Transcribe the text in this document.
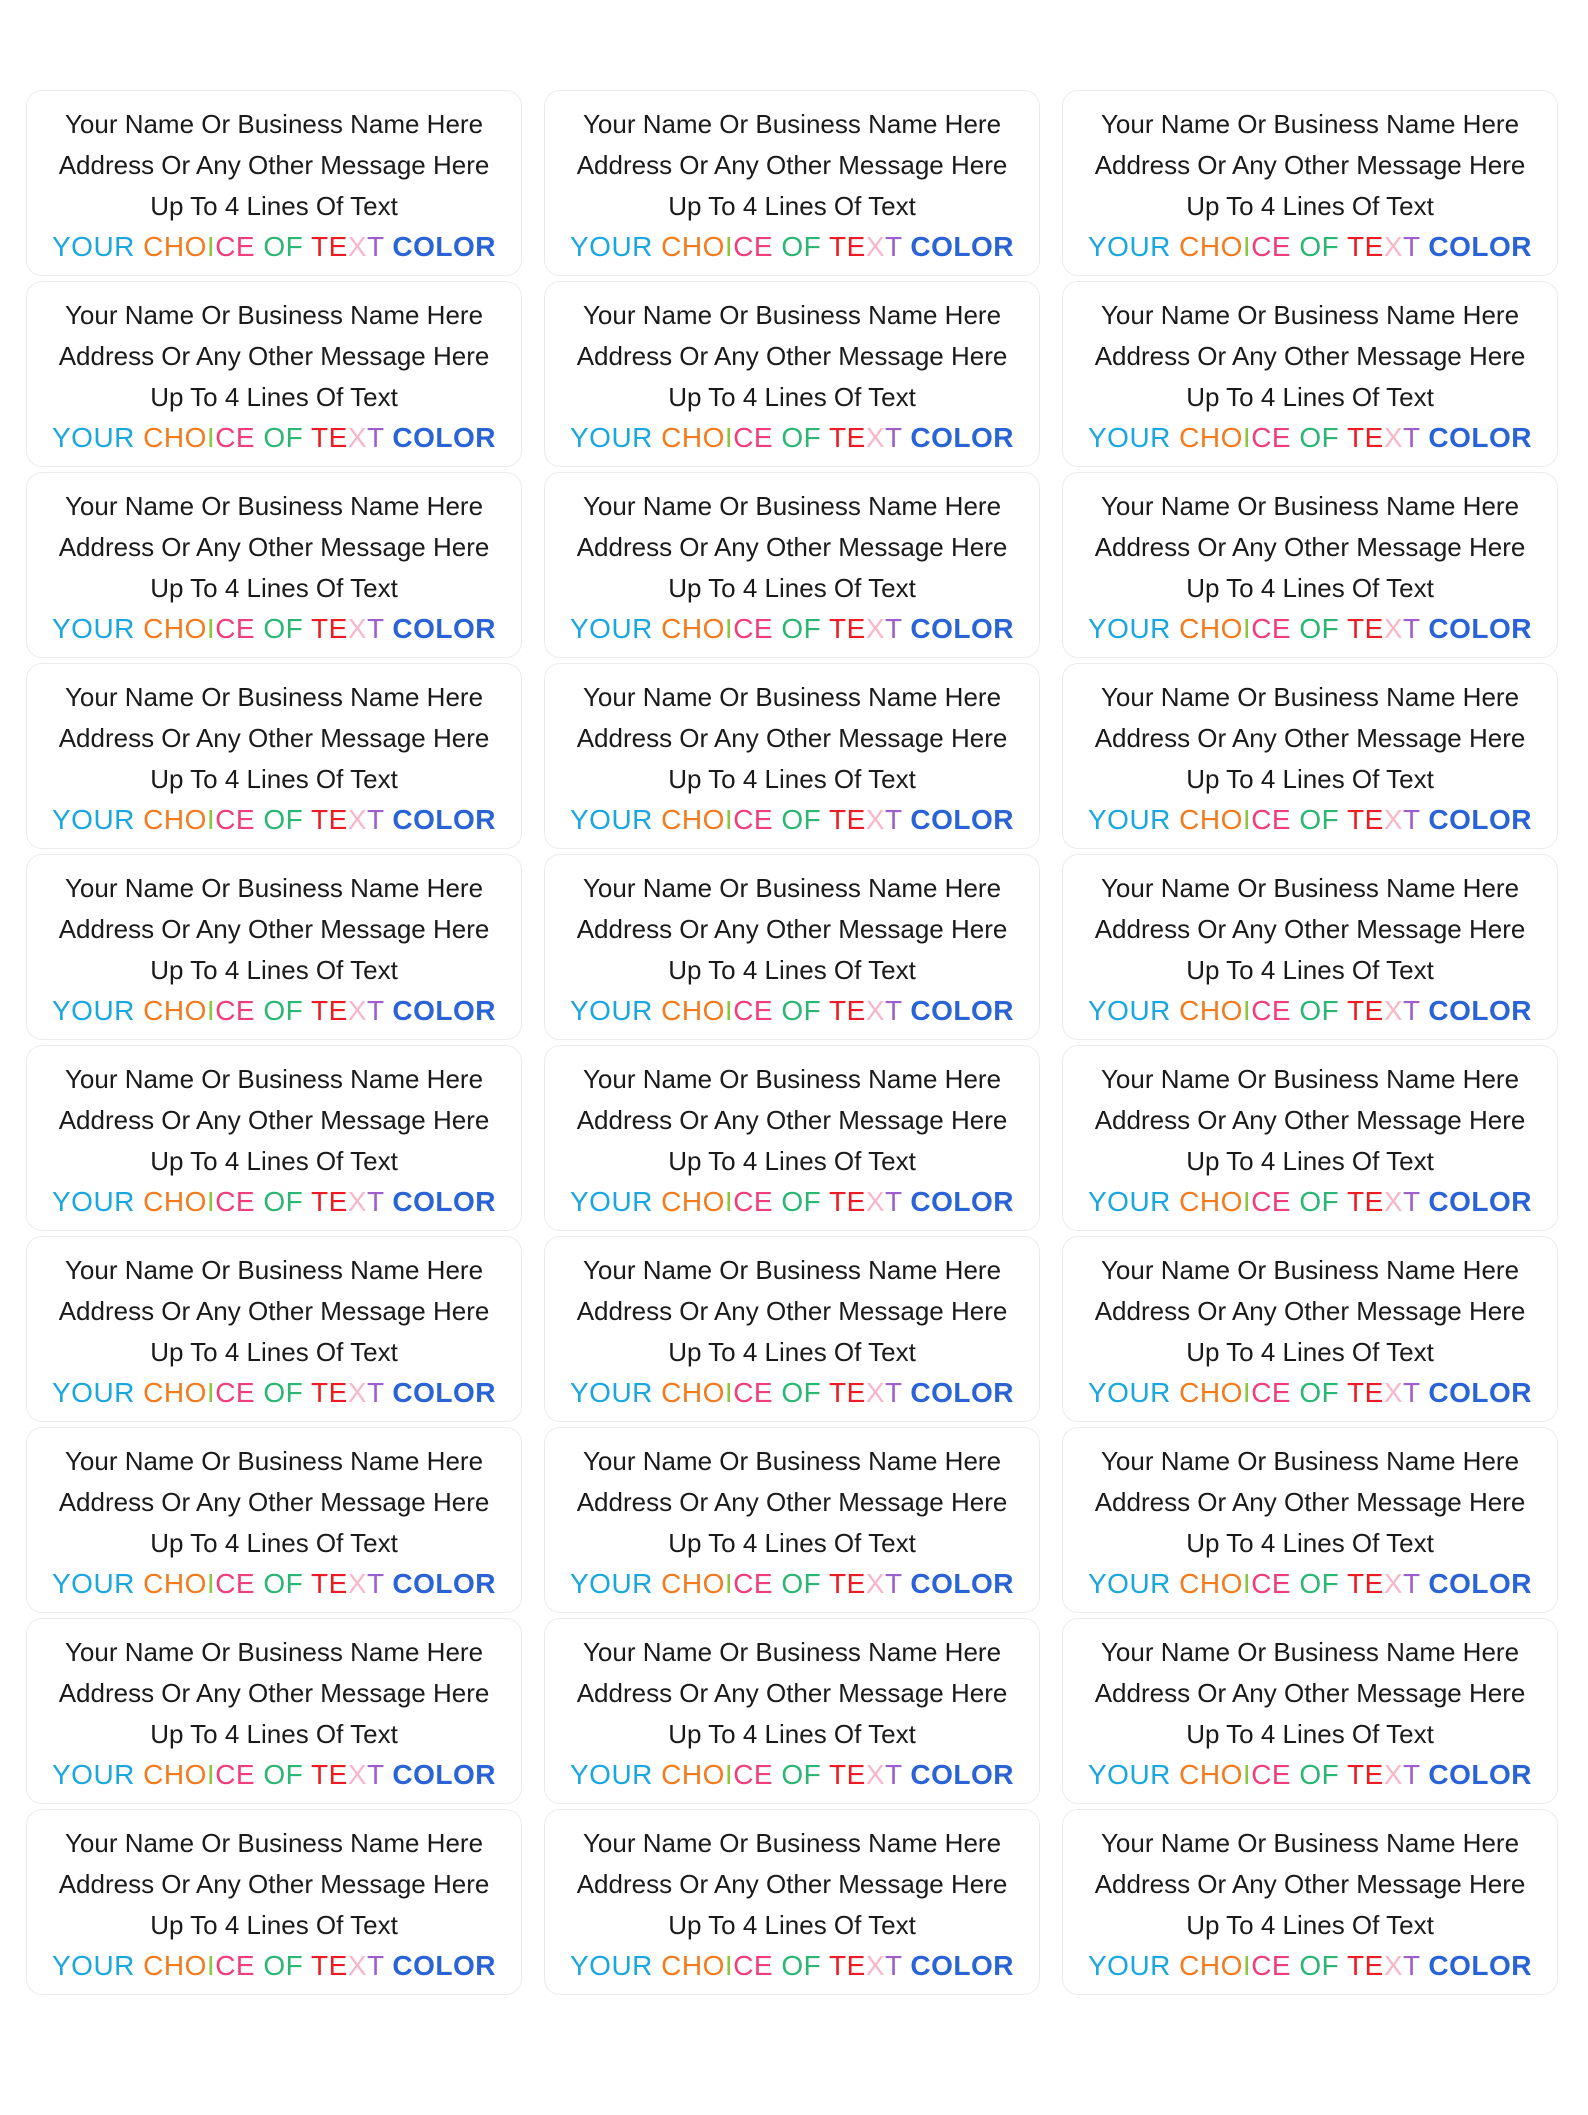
Your Name Or Business Name Here
Address Or Any Other Message Here
Up To 4 Lines Of Text
YOUR CHOICE OF TEXT COLOR
Your Name Or Business Name Here
Address Or Any Other Message Here
Up To 4 Lines Of Text
YOUR CHOICE OF TEXT COLOR
Your Name Or Business Name Here
Address Or Any Other Message Here
Up To 4 Lines Of Text
YOUR CHOICE OF TEXT COLOR
Your Name Or Business Name Here
Address Or Any Other Message Here
Up To 4 Lines Of Text
YOUR CHOICE OF TEXT COLOR
Your Name Or Business Name Here
Address Or Any Other Message Here
Up To 4 Lines Of Text
YOUR CHOICE OF TEXT COLOR
Your Name Or Business Name Here
Address Or Any Other Message Here
Up To 4 Lines Of Text
YOUR CHOICE OF TEXT COLOR
Your Name Or Business Name Here
Address Or Any Other Message Here
Up To 4 Lines Of Text
YOUR CHOICE OF TEXT COLOR
Your Name Or Business Name Here
Address Or Any Other Message Here
Up To 4 Lines Of Text
YOUR CHOICE OF TEXT COLOR
Your Name Or Business Name Here
Address Or Any Other Message Here
Up To 4 Lines Of Text
YOUR CHOICE OF TEXT COLOR
Your Name Or Business Name Here
Address Or Any Other Message Here
Up To 4 Lines Of Text
YOUR CHOICE OF TEXT COLOR
Your Name Or Business Name Here
Address Or Any Other Message Here
Up To 4 Lines Of Text
YOUR CHOICE OF TEXT COLOR
Your Name Or Business Name Here
Address Or Any Other Message Here
Up To 4 Lines Of Text
YOUR CHOICE OF TEXT COLOR
Your Name Or Business Name Here
Address Or Any Other Message Here
Up To 4 Lines Of Text
YOUR CHOICE OF TEXT COLOR
Your Name Or Business Name Here
Address Or Any Other Message Here
Up To 4 Lines Of Text
YOUR CHOICE OF TEXT COLOR
Your Name Or Business Name Here
Address Or Any Other Message Here
Up To 4 Lines Of Text
YOUR CHOICE OF TEXT COLOR
Your Name Or Business Name Here
Address Or Any Other Message Here
Up To 4 Lines Of Text
YOUR CHOICE OF TEXT COLOR
Your Name Or Business Name Here
Address Or Any Other Message Here
Up To 4 Lines Of Text
YOUR CHOICE OF TEXT COLOR
Your Name Or Business Name Here
Address Or Any Other Message Here
Up To 4 Lines Of Text
YOUR CHOICE OF TEXT COLOR
Your Name Or Business Name Here
Address Or Any Other Message Here
Up To 4 Lines Of Text
YOUR CHOICE OF TEXT COLOR
Your Name Or Business Name Here
Address Or Any Other Message Here
Up To 4 Lines Of Text
YOUR CHOICE OF TEXT COLOR
Your Name Or Business Name Here
Address Or Any Other Message Here
Up To 4 Lines Of Text
YOUR CHOICE OF TEXT COLOR
Your Name Or Business Name Here
Address Or Any Other Message Here
Up To 4 Lines Of Text
YOUR CHOICE OF TEXT COLOR
Your Name Or Business Name Here
Address Or Any Other Message Here
Up To 4 Lines Of Text
YOUR CHOICE OF TEXT COLOR
Your Name Or Business Name Here
Address Or Any Other Message Here
Up To 4 Lines Of Text
YOUR CHOICE OF TEXT COLOR
Your Name Or Business Name Here
Address Or Any Other Message Here
Up To 4 Lines Of Text
YOUR CHOICE OF TEXT COLOR
Your Name Or Business Name Here
Address Or Any Other Message Here
Up To 4 Lines Of Text
YOUR CHOICE OF TEXT COLOR
Your Name Or Business Name Here
Address Or Any Other Message Here
Up To 4 Lines Of Text
YOUR CHOICE OF TEXT COLOR
Your Name Or Business Name Here
Address Or Any Other Message Here
Up To 4 Lines Of Text
YOUR CHOICE OF TEXT COLOR
Your Name Or Business Name Here
Address Or Any Other Message Here
Up To 4 Lines Of Text
YOUR CHOICE OF TEXT COLOR
Your Name Or Business Name Here
Address Or Any Other Message Here
Up To 4 Lines Of Text
YOUR CHOICE OF TEXT COLOR
